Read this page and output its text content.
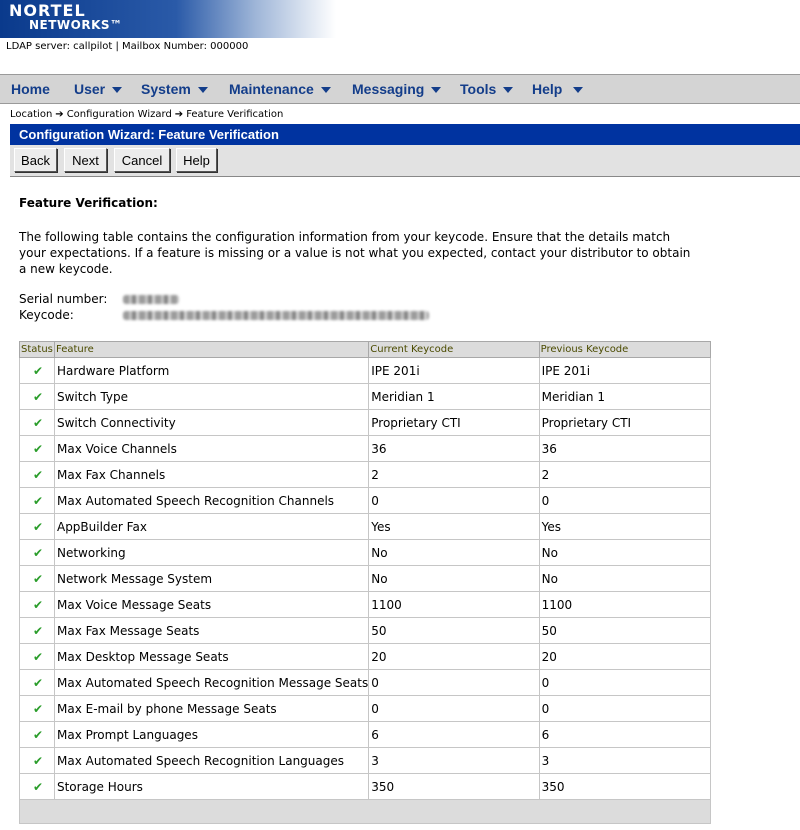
NORTEL
NETWORKS™
LDAP server: callpilot | Mailbox Number: 000000
Home User	System	Maintenance	Messaging	Tools	Help
Location ➔ Configuration Wizard ➔ Feature Verification
Configuration Wizard: Feature Verification
Back	Next	Cancel	Help
Feature Verification:
The following table contains the configuration information from your keycode. Ensure that the details match your expectations. If a feature is missing or a value is not what you expected, contact your distributor to obtain a new keycode.
Serial number:
Keycode:
Status	Feature	Current Keycode	Previous Keycode
✔	Hardware Platform	IPE 201i	IPE 201i
✔	Switch Type	Meridian 1	Meridian 1
✔	Switch Connectivity	Proprietary CTI	Proprietary CTI
✔	Max Voice Channels	36	36
✔	Max Fax Channels	2	2
✔	Max Automated Speech Recognition Channels	0	0
✔	AppBuilder Fax	Yes	Yes
✔	Networking	No	No
✔	Network Message System	No	No
✔	Max Voice Message Seats	1100	1100
✔	Max Fax Message Seats	50	50
✔	Max Desktop Message Seats	20	20
✔	Max Automated Speech Recognition Message Seats	0	0
✔	Max E-mail by phone Message Seats	0	0
✔	Max Prompt Languages	6	6
✔	Max Automated Speech Recognition Languages	3	3
✔	Storage Hours	350	350
